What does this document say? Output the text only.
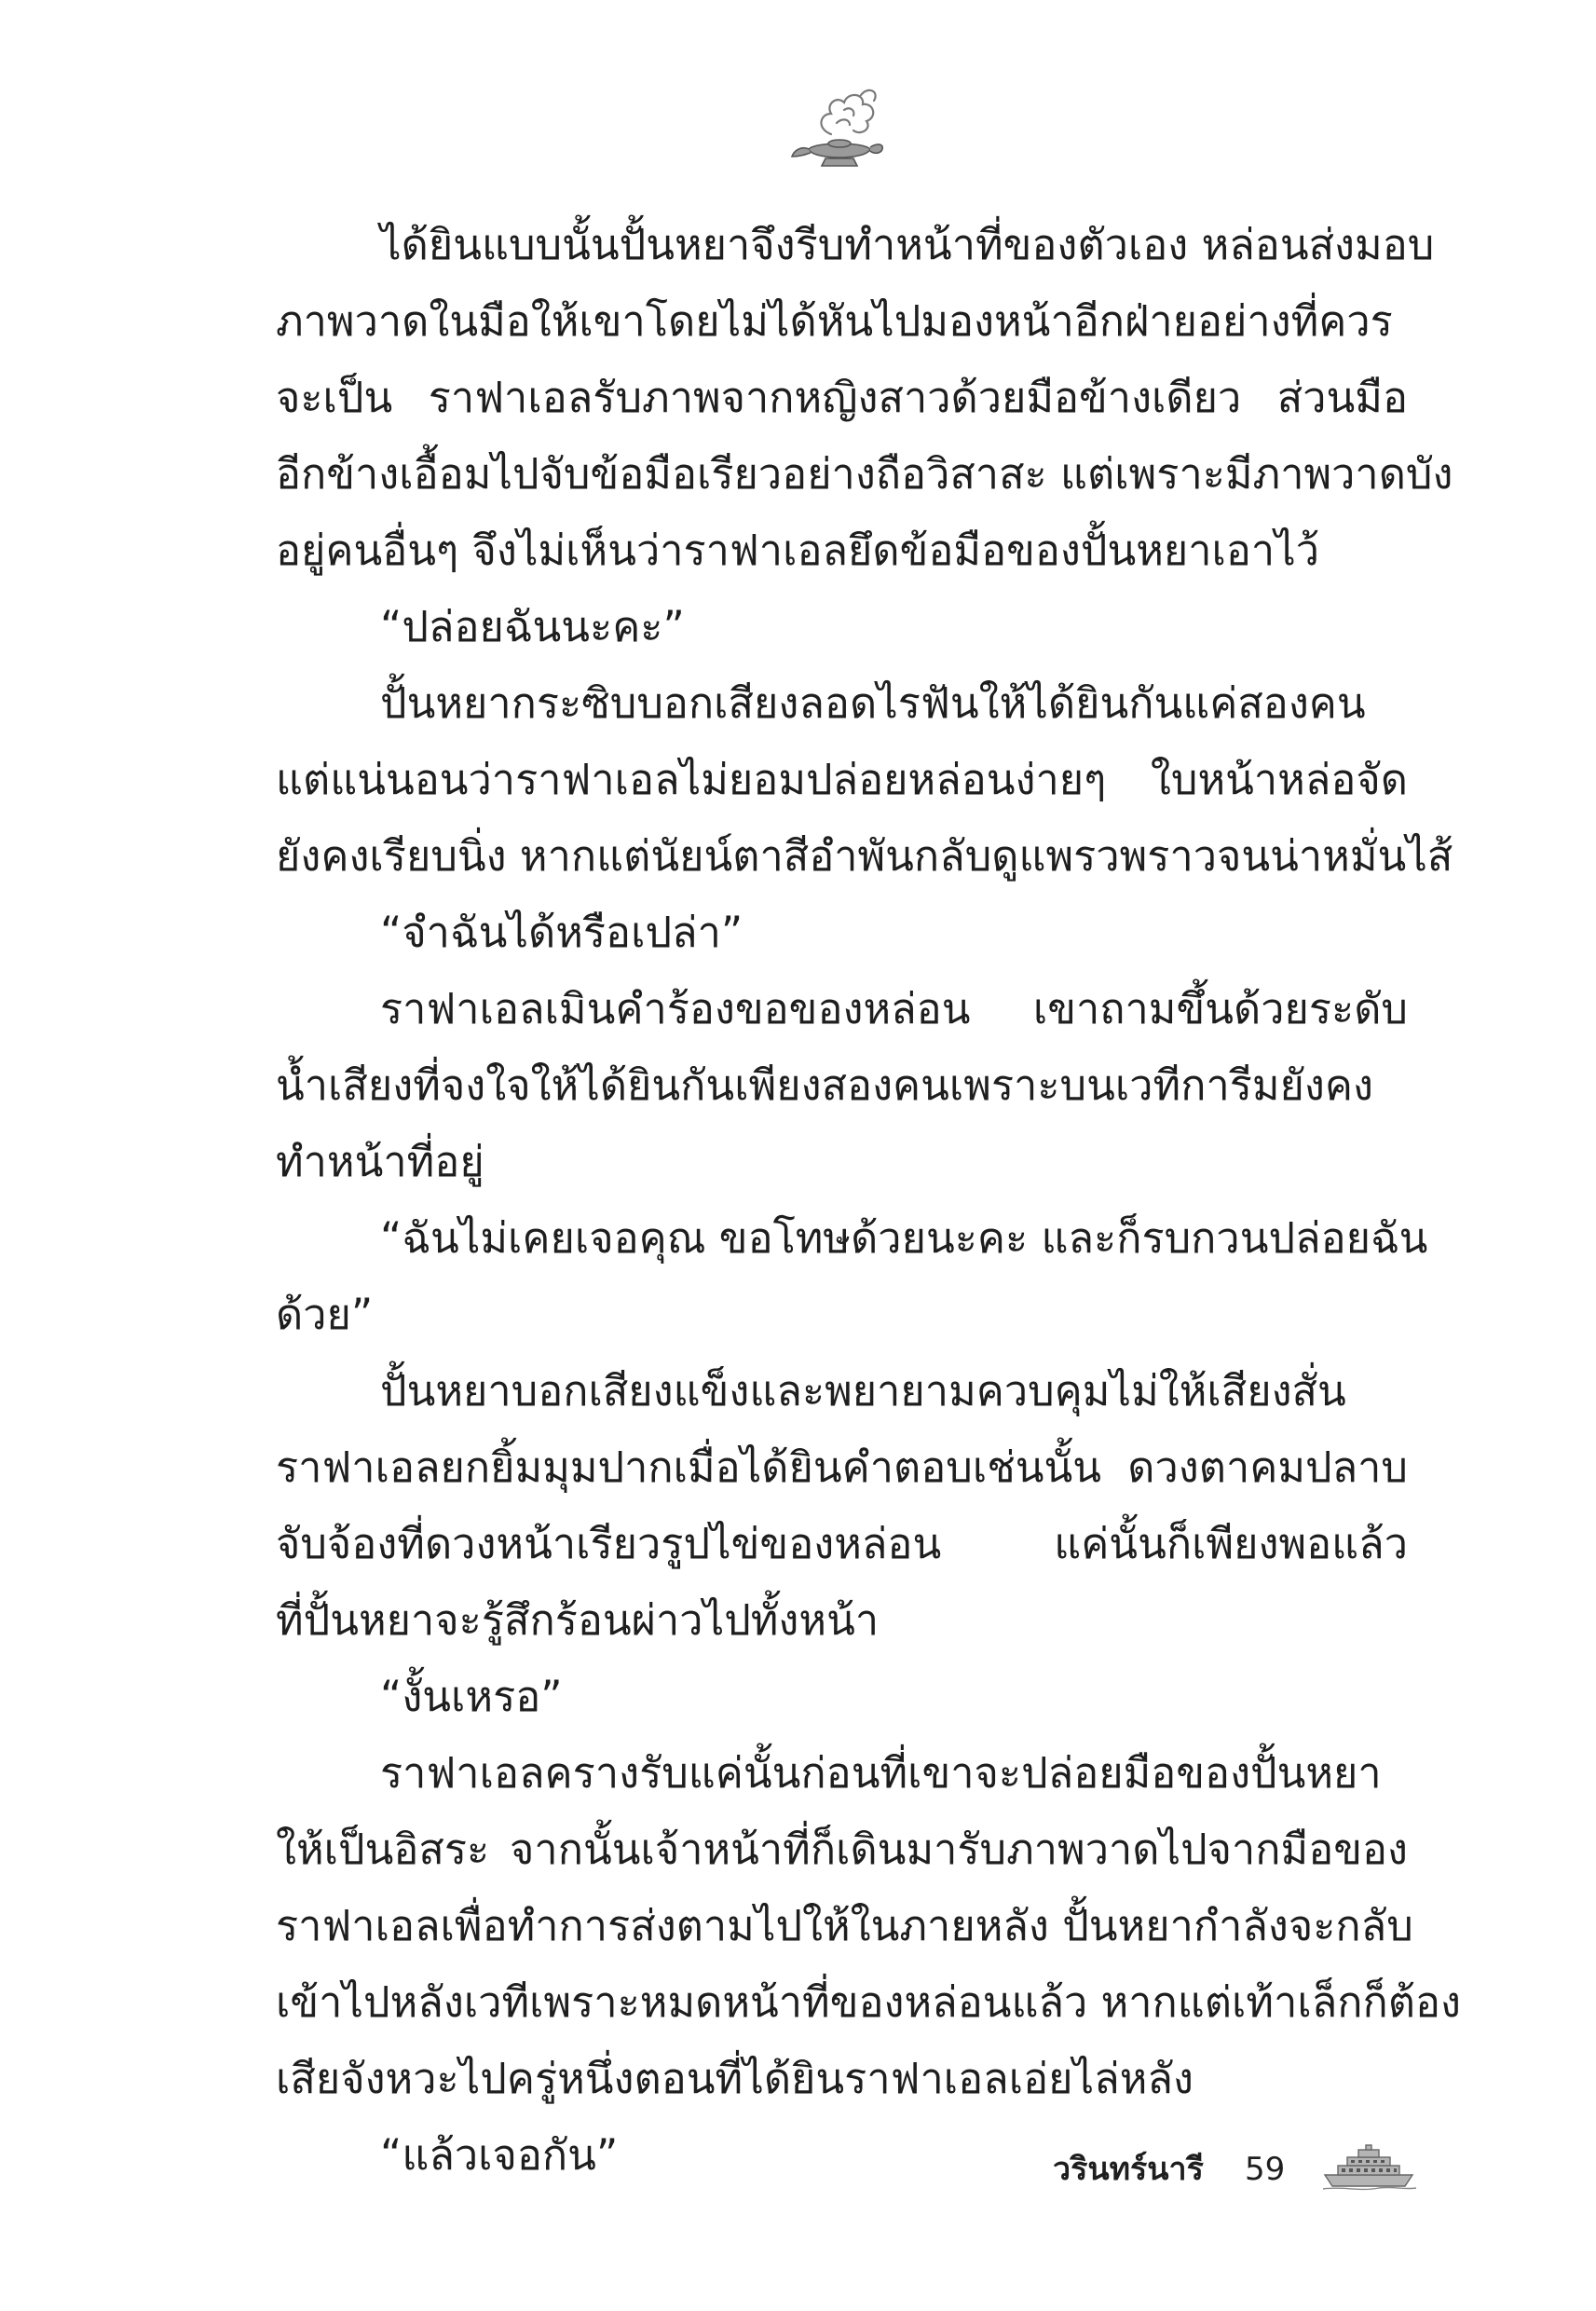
ได้ยินแบบนั้นปั้นหยาจึงรีบทำหน้าที่ของตัวเอง หล่อนส่งมอบ
ภาพวาดในมือให้เขาโดยไม่ได้หันไปมองหน้าอีกฝ่ายอย่างที่ควร
จะเป็น ราฟาเอลรับภาพจากหญิงสาวด้วยมือข้างเดียว ส่วนมือ
อีกข้างเอื้อมไปจับข้อมือเรียวอย่างถือวิสาสะ แต่เพราะมีภาพวาดบัง
อยู่คนอื่นๆ จึงไม่เห็นว่าราฟาเอลยึดข้อมือของปั้นหยาเอาไว้
“ปล่อยฉันนะคะ”
ปั้นหยากระซิบบอกเสียงลอดไรฟันให้ได้ยินกันแค่สองคน
แต่แน่นอนว่าราฟาเอลไม่ยอมปล่อยหล่อนง่ายๆ ใบหน้าหล่อจัด
ยังคงเรียบนิ่ง หากแต่นัยน์ตาสีอำพันกลับดูแพรวพราวจนน่าหมั่นไส้
“จำฉันได้หรือเปล่า”
ราฟาเอลเมินคำร้องขอของหล่อน เขาถามขึ้นด้วยระดับ
น้ำเสียงที่จงใจให้ได้ยินกันเพียงสองคนเพราะบนเวทีการีมยังคง
ทำหน้าที่อยู่
“ฉันไม่เคยเจอคุณ ขอโทษด้วยนะคะ และก็รบกวนปล่อยฉัน
ด้วย”
ปั้นหยาบอกเสียงแข็งและพยายามควบคุมไม่ให้เสียงสั่น
ราฟาเอลยกยิ้มมุมปากเมื่อได้ยินคำตอบเช่นนั้น ดวงตาคมปลาบ
จับจ้องที่ดวงหน้าเรียวรูปไข่ของหล่อน แค่นั้นก็เพียงพอแล้ว
ที่ปั้นหยาจะรู้สึกร้อนผ่าวไปทั้งหน้า
“งั้นเหรอ”
ราฟาเอลครางรับแค่นั้นก่อนที่เขาจะปล่อยมือของปั้นหยา
ให้เป็นอิสระ จากนั้นเจ้าหน้าที่ก็เดินมารับภาพวาดไปจากมือของ
ราฟาเอลเพื่อทำการส่งตามไปให้ในภายหลัง ปั้นหยากำลังจะกลับ
เข้าไปหลังเวทีเพราะหมดหน้าที่ของหล่อนแล้ว หากแต่เท้าเล็กก็ต้อง
เสียจังหวะไปครู่หนึ่งตอนที่ได้ยินราฟาเอลเอ่ยไล่หลัง
“แล้วเจอกัน”	วรินทร์นารี 59
